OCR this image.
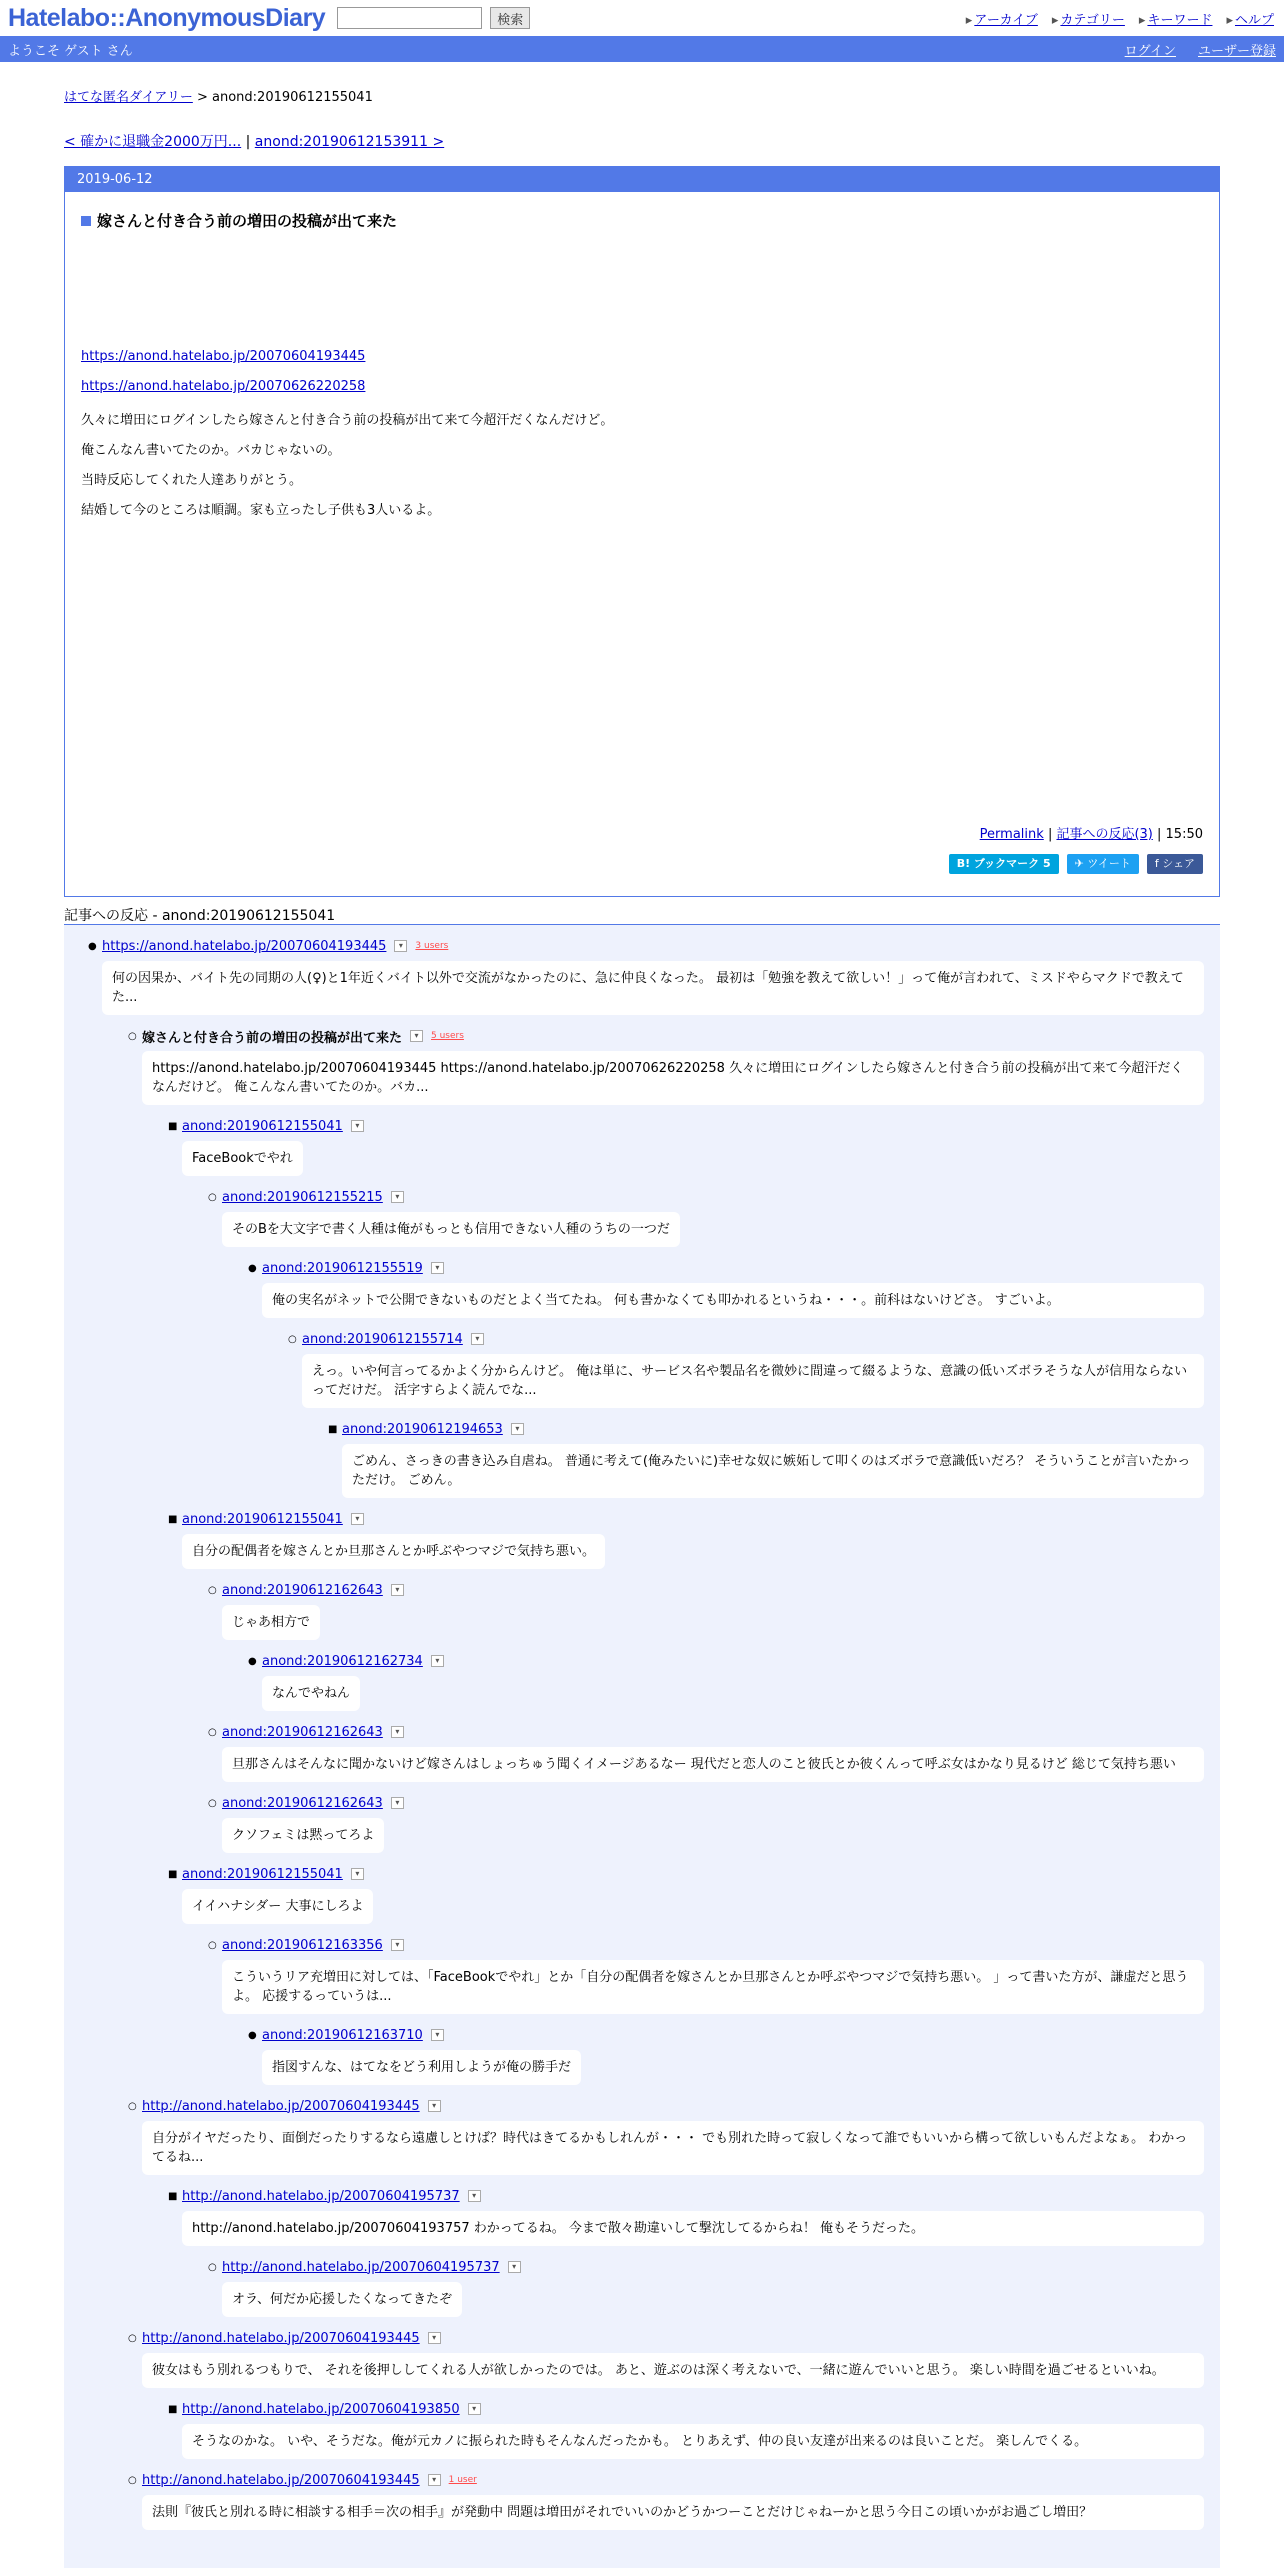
Hatelabo::AnonymousDiary	検索	▸ アーカイブ	▸ カテゴリー	▸ キーワード	▸ ヘルプ
ようこそ ゲスト さん	ログイン ユーザー登録
はてな匿名ダイアリー > anond:20190612155041
< 確かに退職金2000万円... | anond:20190612153911 >
2019-06-12
嫁さんと付き合う前の増田の投稿が出て来た

https://anond.hatelabo.jp/20070604193445

https://anond.hatelabo.jp/20070626220258

久々に増田にログインしたら嫁さんと付き合う前の投稿が出て来て今超汗だくなんだけど。

俺こんなん書いてたのか。バカじゃないの。

当時反応してくれた人達ありがとう。

結婚して今のところは順調。家も立ったし子供も3人いるよ。

Permalink | 記事への反応(3) | 15:50
B! ブックマーク 5	✈︎ ツイート	f シェア
記事への反応 - anond:20190612155041
● https://anond.hatelabo.jp/20070604193445	▾	3 users
何の因果か、バイト先の同期の人(♀)と1年近くバイト以外で交流がなかったのに、急に仲良くなった。 最初は「勉強を教えて欲しい！」って俺が言われて、ミスドやらマクドで教えてた...
○ 嫁さんと付き合う前の増田の投稿が出て来た	▾	5 users
https://anond.hatelabo.jp/20070604193445 https://anond.hatelabo.jp/20070626220258 久々に増田にログインしたら嫁さんと付き合う前の投稿が出て来て今超汗だくなんだけど。 俺こんなん書いてたのか。バカ...
■ anond:20190612155041	▾
FaceBookでやれ
○ anond:20190612155215	▾
そのBを大文字で書く人種は俺がもっとも信用できない人種のうちの一つだ
● anond:20190612155519	▾
俺の実名がネットで公開できないものだとよく当てたね。 何も書かなくても叩かれるというね・・・。前科はないけどさ。 すごいよ。
○ anond:20190612155714	▾
えっ。いや何言ってるかよく分からんけど。 俺は単に、サービス名や製品名を微妙に間違って綴るような、意識の低いズボラそうな人が信用ならないってだけだ。 活字すらよく読んでな...
■ anond:20190612194653	▾
ごめん、さっきの書き込み自虐ね。 普通に考えて(俺みたいに)幸せな奴に嫉妬して叩くのはズボラで意識低いだろ？ そういうことが言いたかっただけ。 ごめん。
■ anond:20190612155041	▾
自分の配偶者を嫁さんとか旦那さんとか呼ぶやつマジで気持ち悪い。
○ anond:20190612162643	▾
じゃあ相方で
● anond:20190612162734	▾
なんでやねん
○ anond:20190612162643	▾
旦那さんはそんなに聞かないけど嫁さんはしょっちゅう聞くイメージあるなー 現代だと恋人のこと彼氏とか彼くんって呼ぶ女はかなり見るけど 総じて気持ち悪い
○ anond:20190612162643	▾
クソフェミは黙ってろよ
■ anond:20190612155041	▾
イイハナシダー 大事にしろよ
○ anond:20190612163356	▾
こういうリア充増田に対しては、「FaceBookでやれ」とか「自分の配偶者を嫁さんとか旦那さんとか呼ぶやつマジで気持ち悪い。 」って書いた方が、謙虚だと思うよ。 応援するっていうは...
● anond:20190612163710	▾
指図すんな、はてなをどう利用しようが俺の勝手だ
○ http://anond.hatelabo.jp/20070604193445	▾
自分がイヤだったり、面倒だったりするなら遠慮しとけば？時代はきてるかもしれんが・・・ でも別れた時って寂しくなって誰でもいいから構って欲しいもんだよなぁ。 わかってるね...
■ http://anond.hatelabo.jp/20070604195737	▾
http://anond.hatelabo.jp/20070604193757 わかってるね。 今まで散々勘違いして撃沈してるからね！ 俺もそうだった。
○ http://anond.hatelabo.jp/20070604195737	▾
オラ、何だか応援したくなってきたぞ
○ http://anond.hatelabo.jp/20070604193445	▾
彼女はもう別れるつもりで、 それを後押ししてくれる人が欲しかったのでは。 あと、遊ぶのは深く考えないで、一緒に遊んでいいと思う。 楽しい時間を過ごせるといいね。
■ http://anond.hatelabo.jp/20070604193850	▾
そうなのかな。 いや、そうだな。俺が元カノに振られた時もそんなんだったかも。 とりあえず、仲の良い友達が出来るのは良いことだ。 楽しんでくる。
○ http://anond.hatelabo.jp/20070604193445	▾	1 user
法則『彼氏と別れる時に相談する相手＝次の相手』が発動中 問題は増田がそれでいいのかどうかつーことだけじゃねーかと思う今日この頃いかがお過ごし増田？
